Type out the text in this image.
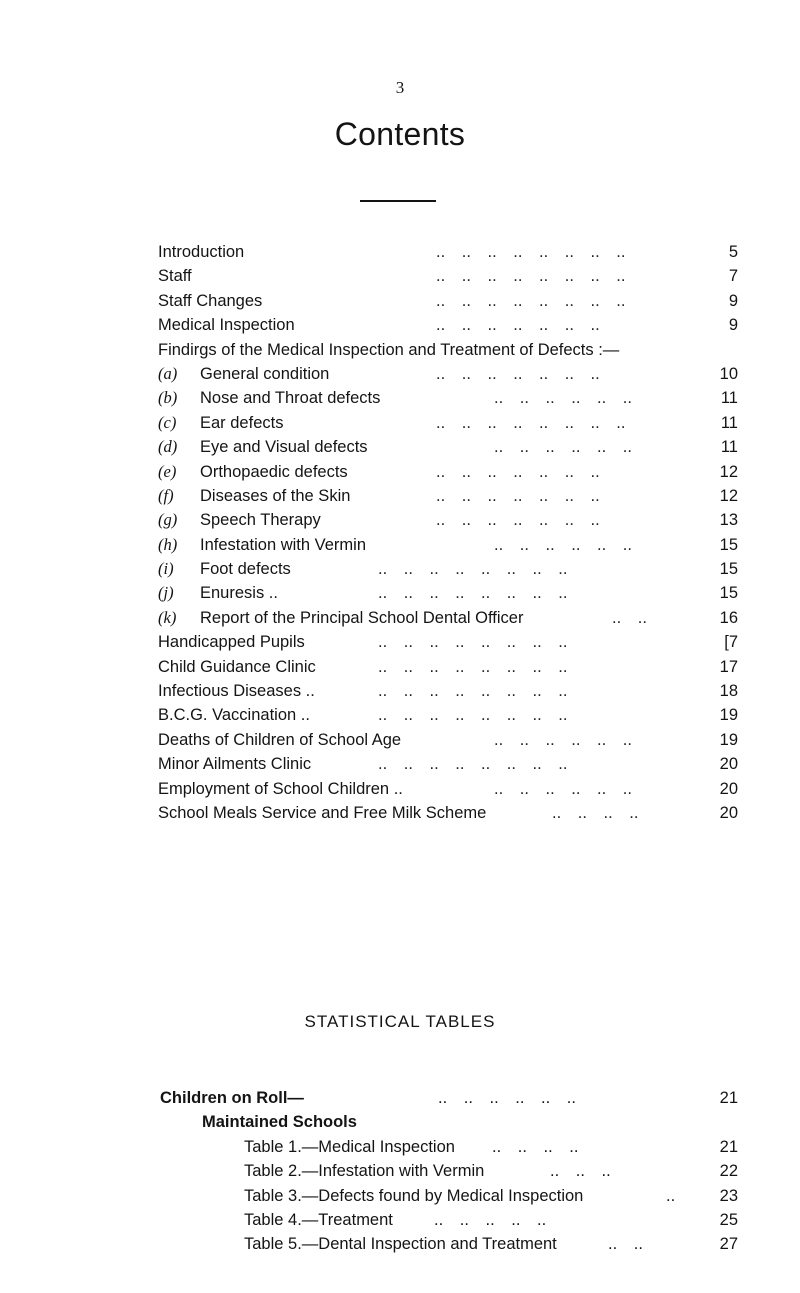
3
Contents
Introduction	.. .. .. .. .. .. .. ..	5
Staff	.. .. .. .. .. .. .. ..	7
Staff Changes	.. .. .. .. .. .. .. ..	9
Medical Inspection	.. .. .. .. .. .. ..	9
Findirgs of the Medical Inspection and Treatment of Defects :—
(a)	General condition	.. .. .. .. .. .. ..	10
(b)	Nose and Throat defects	.. .. .. .. .. ..	11
(c)	Ear defects	.. .. .. .. .. .. .. ..	11
(d)	Eye and Visual defects	.. .. .. .. .. ..	11
(e)	Orthopaedic defects	.. .. .. .. .. .. ..	12
(f)	Diseases of the Skin	.. .. .. .. .. .. ..	12
(g)	Speech Therapy	.. .. .. .. .. .. ..	13
(h)	Infestation with Vermin	.. .. .. .. .. ..	15
(i)	Foot defects	.. .. .. .. .. .. .. ..	15
(j)	Enuresis ..	.. .. .. .. .. .. .. ..	15
(k)	Report of the Principal School Dental Officer	.. ..	16
Handicapped Pupils	.. .. .. .. .. .. .. ..	[7
Child Guidance Clinic	.. .. .. .. .. .. .. ..	17
Infectious Diseases ..	.. .. .. .. .. .. .. ..	18
B.C.G. Vaccination ..	.. .. .. .. .. .. .. ..	19
Deaths of Children of School Age	.. .. .. .. .. ..	19
Minor Ailments Clinic	.. .. .. .. .. .. .. ..	20
Employment of School Children ..	.. .. .. .. .. ..	20
School Meals Service and Free Milk Scheme	.. .. .. ..	20
STATISTICAL TABLES
Children on Roll—	.. .. .. .. .. ..	21
Maintained Schools
Table 1.—Medical Inspection .. .. .. ..	21
Table 2.—Infestation with Vermin	.. .. ..	22
Table 3.—Defects found by Medical Inspection	..	23
Table 4.—Treatment .. .. .. .. ..	25
Table 5.—Dental Inspection and Treatment	.. ..	27
